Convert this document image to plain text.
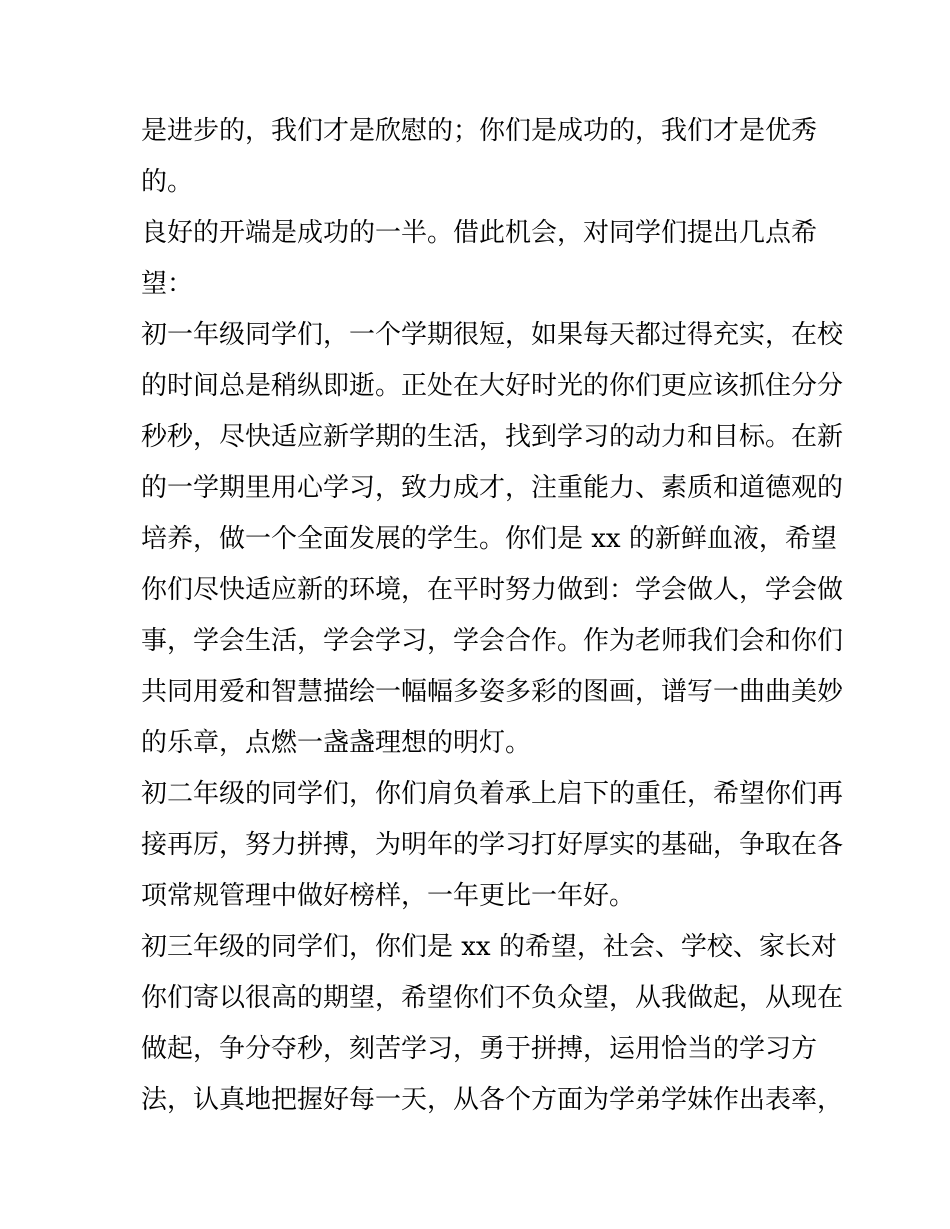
是进步的，我们才是欣慰的；你们是成功的，我们才是优秀
的。
良好的开端是成功的一半。借此机会，对同学们提出几点希
望：
初一年级同学们，一个学期很短，如果每天都过得充实，在校
的时间总是稍纵即逝。正处在大好时光的你们更应该抓住分分
秒秒，尽快适应新学期的生活，找到学习的动力和目标。在新
的一学期里用心学习，致力成才，注重能力、素质和道德观的
培养，做一个全面发展的学生。你们是 xx 的新鲜血液，希望
你们尽快适应新的环境，在平时努力做到：学会做人，学会做
事，学会生活，学会学习，学会合作。作为老师我们会和你们
共同用爱和智慧描绘一幅幅多姿多彩的图画，谱写一曲曲美妙
的乐章，点燃一盏盏理想的明灯。
初二年级的同学们，你们肩负着承上启下的重任，希望你们再
接再厉，努力拼搏，为明年的学习打好厚实的基础，争取在各
项常规管理中做好榜样，一年更比一年好。
初三年级的同学们，你们是 xx 的希望，社会、学校、家长对
你们寄以很高的期望，希望你们不负众望，从我做起，从现在
做起，争分夺秒，刻苦学习，勇于拼搏，运用恰当的学习方
法，认真地把握好每一天，从各个方面为学弟学妹作出表率，
